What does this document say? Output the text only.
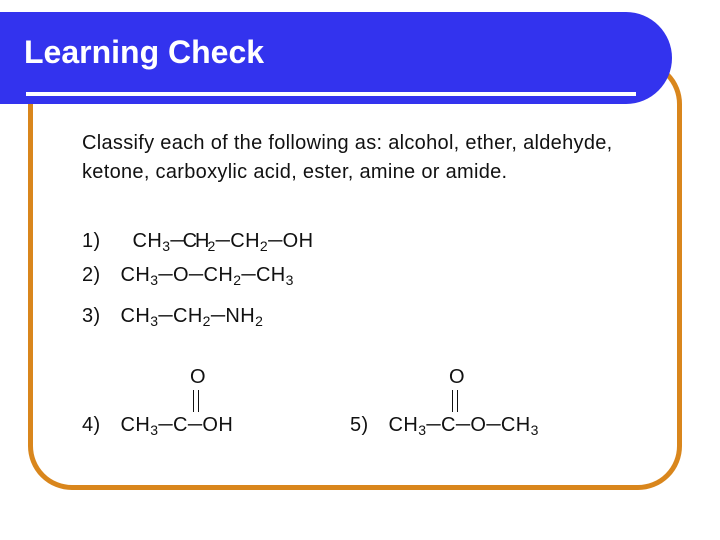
Learning Check

Classify each of the following as: alcohol, ether, aldehyde, ketone, carboxylic acid, ester, amine or amide.

1) $CH_3─CH_2─CH_2─OH$
2) $CH_3─O─CH_2─CH_3$
3) $CH_3─CH_2─NH_2$
O
4) $CH_3─C─OH$
O
5) $CH_3─C─O─CH_3$
